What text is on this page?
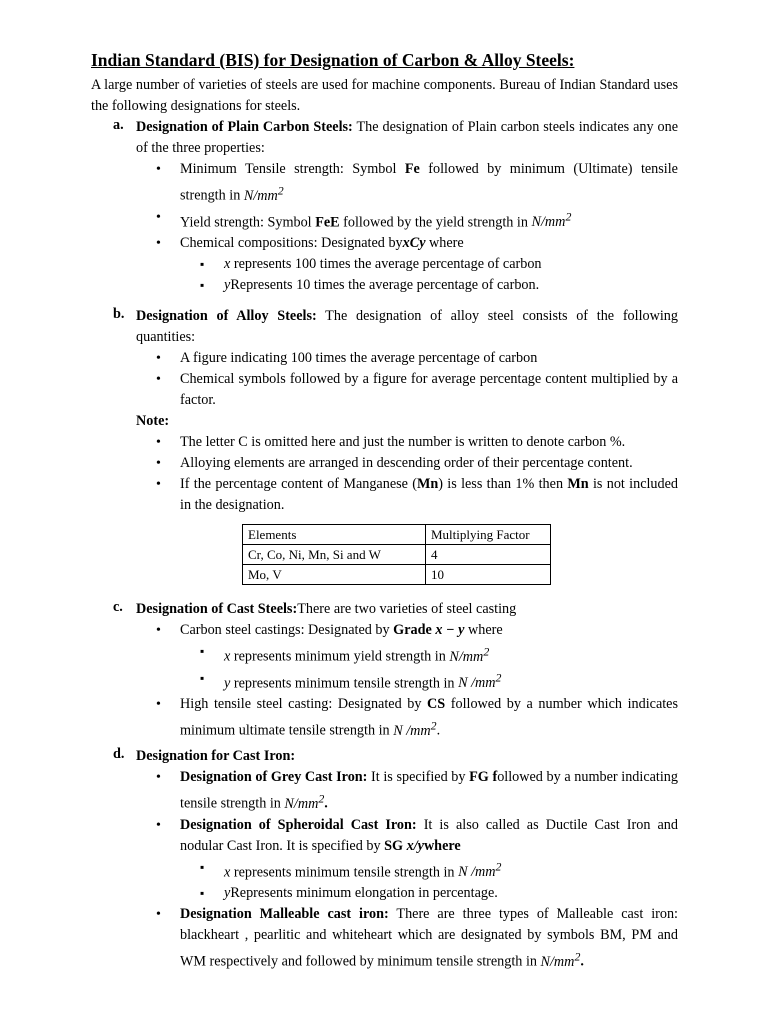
Indian Standard (BIS) for Designation of Carbon & Alloy Steels:
A large number of varieties of steels are used for machine components. Bureau of Indian Standard uses the following designations for steels.
a. Designation of Plain Carbon Steels: The designation of Plain carbon steels indicates any one of the three properties:
• Minimum Tensile strength: Symbol Fe followed by minimum (Ultimate) tensile strength in $N/mm^2$
• Yield strength: Symbol FeE followed by the yield strength in $N/mm^2$
• Chemical compositions: Designated byxCy where
▪ x represents 100 times the average percentage of carbon
▪ yRepresents 10 times the average percentage of carbon.
b. Designation of Alloy Steels: The designation of alloy steel consists of the following quantities:
• A figure indicating 100 times the average percentage of carbon
• Chemical symbols followed by a figure for average percentage content multiplied by a factor.
Note:
• The letter C is omitted here and just the number is written to denote carbon %.
• Alloying elements are arranged in descending order of their percentage content.
• If the percentage content of Manganese (Mn) is less than 1% then Mn is not included in the designation.
Elements	Multiplying Factor
Cr, Co, Ni, Mn, Si and W	4
Mo, V	10
c. Designation of Cast Steels:There are two varieties of steel casting
• Carbon steel castings: Designated by Grade x − y where
▪ x represents minimum yield strength in $N/mm^2$
▪ y represents minimum tensile strength in N $/mm^2$
• High tensile steel casting: Designated by CS followed by a number which indicates minimum ultimate tensile strength in N $/mm^2$.
d. Designation for Cast Iron:
• Designation of Grey Cast Iron: It is specified by FG followed by a number indicating tensile strength in $N/mm^2$.
• Designation of Spheroidal Cast Iron: It is also called as Ductile Cast Iron and nodular Cast Iron. It is specified by SG x/ywhere
▪ x represents minimum tensile strength in N $/mm^2$
▪ yRepresents minimum elongation in percentage.
• Designation Malleable cast iron: There are three types of Malleable cast iron: blackheart , pearlitic and whiteheart which are designated by symbols BM, PM and WM respectively and followed by minimum tensile strength in $N/mm^2$.
